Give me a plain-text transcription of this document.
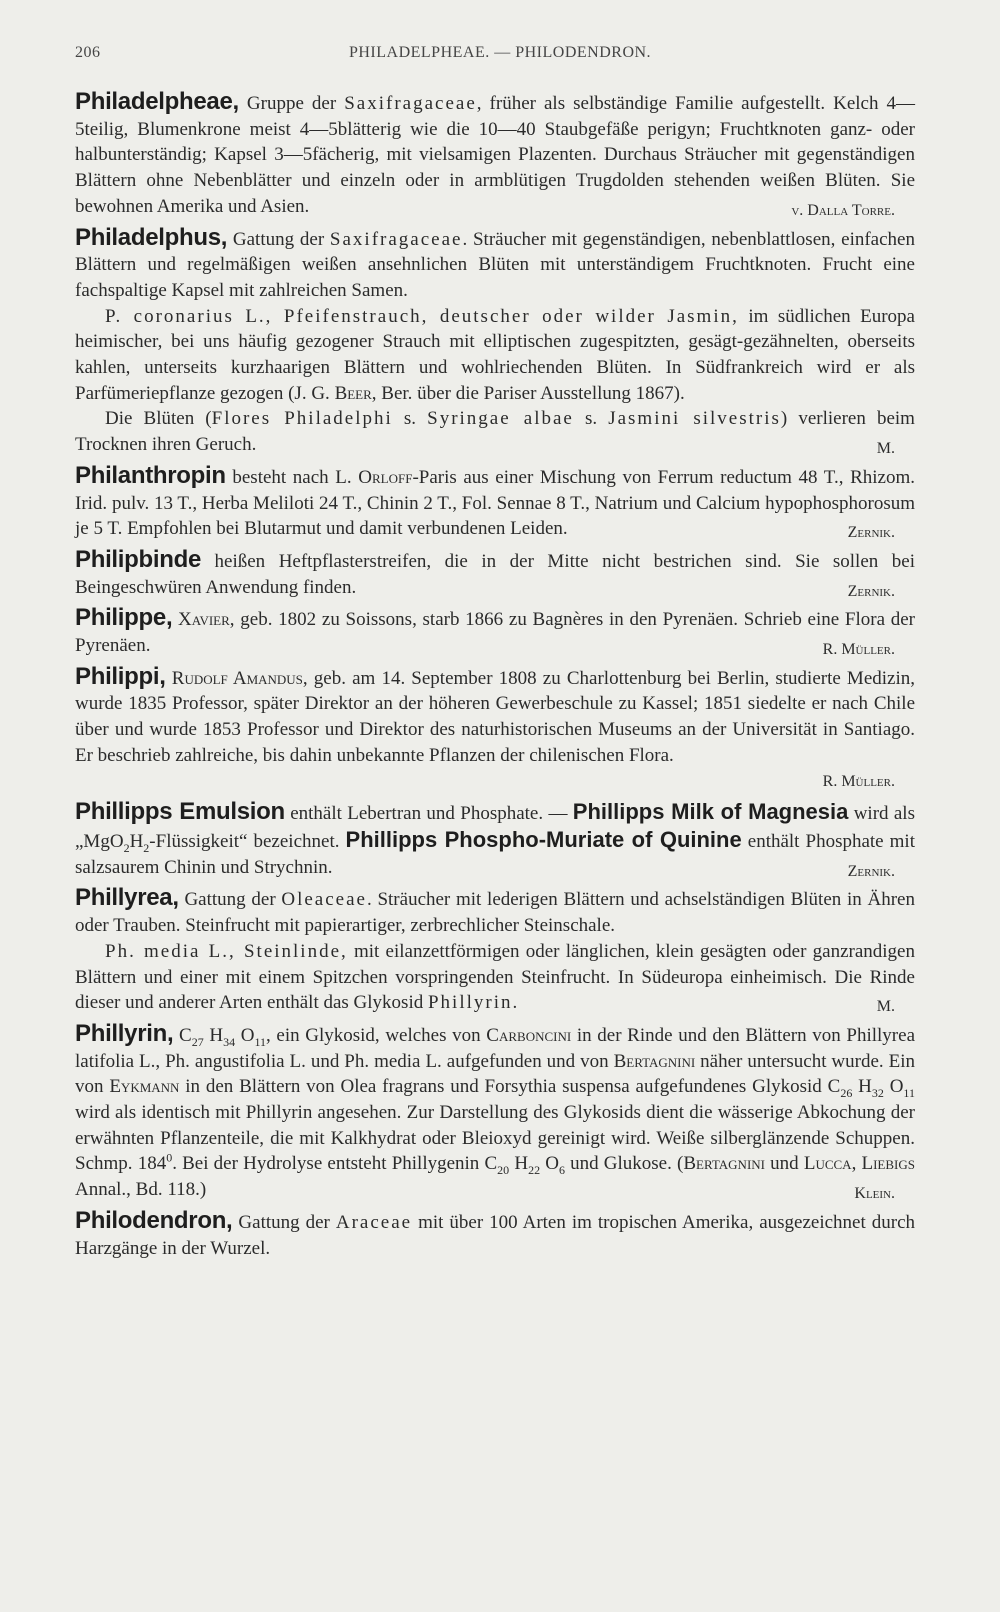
206	PHILADELPHEAE. — PHILODENDRON.

Philadelpheae, Gruppe der Saxifragaceae, früher als selbständige Familie aufgestellt. Kelch 4—5teilig, Blumenkrone meist 4—5blätterig wie die 10—40 Staubgefäße perigyn; Fruchtknoten ganz- oder halbunterständig; Kapsel 3—5fächerig, mit vielsamigen Plazenten. Durchaus Sträucher mit gegenständigen Blättern ohne Nebenblätter und einzeln oder in armblütigen Trugdolden stehenden weißen Blüten. Sie bewohnen Amerika und Asien.	v. Dalla Torre.

Philadelphus, Gattung der Saxifragaceae. Sträucher mit gegenständigen, nebenblattlosen, einfachen Blättern und regelmäßigen weißen ansehnlichen Blüten mit unterständigem Fruchtknoten. Frucht eine fachspaltige Kapsel mit zahlreichen Samen.

P. coronarius L., Pfeifenstrauch, deutscher oder wilder Jasmin, im südlichen Europa heimischer, bei uns häufig gezogener Strauch mit elliptischen zugespitzten, gesägt-gezähnelten, oberseits kahlen, unterseits kurzhaarigen Blättern und wohlriechenden Blüten. In Südfrankreich wird er als Parfümeriepflanze gezogen (J. G. Beer, Ber. über die Pariser Ausstellung 1867).

Die Blüten (Flores Philadelphi s. Syringae albae s. Jasmini silvestris) verlieren beim Trocknen ihren Geruch.	M.

Philanthropin besteht nach L. Orloff-Paris aus einer Mischung von Ferrum reductum 48 T., Rhizom. Irid. pulv. 13 T., Herba Meliloti 24 T., Chinin 2 T., Fol. Sennae 8 T., Natrium und Calcium hypophosphorosum je 5 T. Empfohlen bei Blutarmut und damit verbundenen Leiden.	Zernik.

Philipbinde heißen Heftpflasterstreifen, die in der Mitte nicht bestrichen sind. Sie sollen bei Beingeschwüren Anwendung finden.	Zernik.

Philippe, Xavier, geb. 1802 zu Soissons, starb 1866 zu Bagnères in den Pyrenäen. Schrieb eine Flora der Pyrenäen.	R. Müller.

Philippi, Rudolf Amandus, geb. am 14. September 1808 zu Charlottenburg bei Berlin, studierte Medizin, wurde 1835 Professor, später Direktor an der höheren Gewerbeschule zu Kassel; 1851 siedelte er nach Chile über und wurde 1853 Professor und Direktor des naturhistorischen Museums an der Universität in Santiago. Er beschrieb zahlreiche, bis dahin unbekannte Pflanzen der chilenischen Flora.

R. Müller.

Phillipps Emulsion enthält Lebertran und Phosphate. — Phillipps Milk of Magnesia wird als $„MgO_2H_2-Flüssigkeit“$ bezeichnet. Phillipps Phospho-Muriate of Quinine enthält Phosphate mit salzsaurem Chinin und Strychnin.	Zernik.

Phillyrea, Gattung der Oleaceae. Sträucher mit lederigen Blättern und achselständigen Blüten in Ähren oder Trauben. Steinfrucht mit papierartiger, zerbrechlicher Steinschale.

Ph. media L., Steinlinde, mit eilanzettförmigen oder länglichen, klein gesägten oder ganzrandigen Blättern und einer mit einem Spitzchen vorspringenden Steinfrucht. In Südeuropa einheimisch. Die Rinde dieser und anderer Arten enthält das Glykosid Phillyrin.	M.

Phillyrin, $C_{27}$ $H_{34}$ $O_{11}$, ein Glykosid, welches von Carboncini in der Rinde und den Blättern von Phillyrea latifolia L., Ph. angustifolia L. und Ph. media L. aufgefunden und von Bertagnini näher untersucht wurde. Ein von Eykmann in den Blättern von Olea fragrans und Forsythia suspensa aufgefundenes Glykosid $C_{26}$ $H_{32}$ $O_{11}$ wird als identisch mit Phillyrin angesehen. Zur Darstellung des Glykosids dient die wässerige Abkochung der erwähnten Pflanzenteile, die mit Kalkhydrat oder Bleioxyd gereinigt wird. Weiße silberglänzende Schuppen. Schmp. $184^0$. Bei der Hydrolyse entsteht Phillygenin $C_{20}$ $H_{22}$ $O_6$ und Glukose. (Bertagnini und Lucca, Liebigs Annal., Bd. 118.)	Klein.

Philodendron, Gattung der Araceae mit über 100 Arten im tropischen Amerika, ausgezeichnet durch Harzgänge in der Wurzel.
